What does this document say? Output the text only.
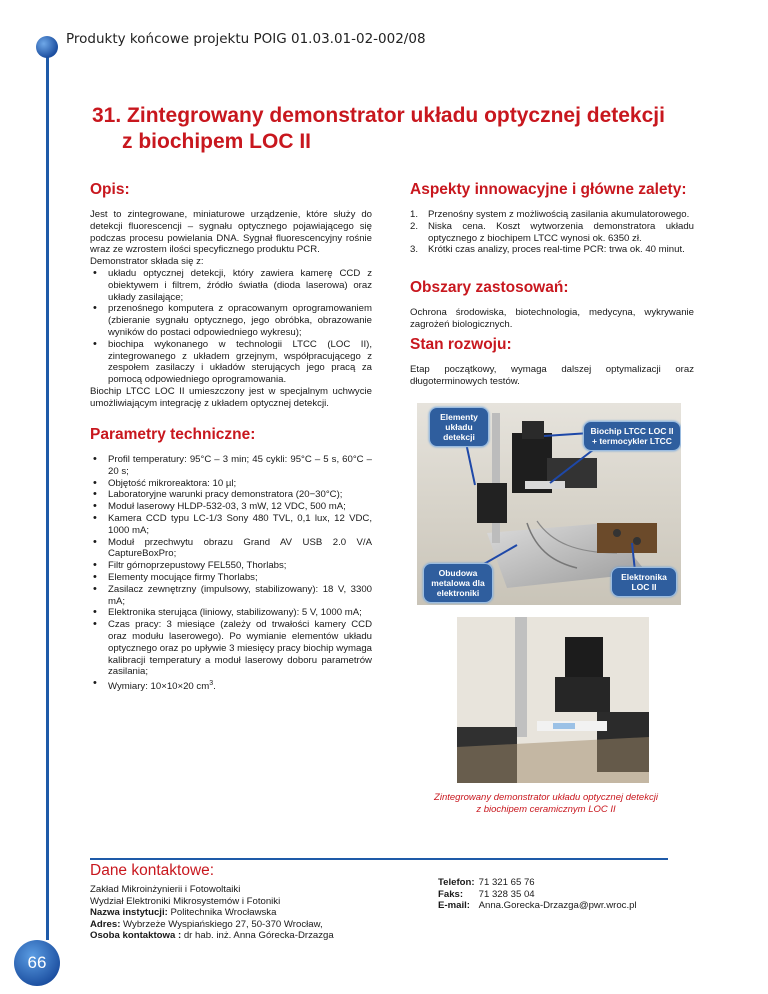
Produkty końcowe projektu POIG 01.03.01-02-002/08
31. Zintegrowany demonstrator układu optycznej detekcji
z biochipem LOC II
Opis:

Jest to zintegrowane, miniaturowe urządzenie, które służy do detekcji fluorescencji – sygnału optycznego pojawiającego się podczas procesu powielania DNA. Sygnał fluorescencyjny rośnie wraz ze wzrostem ilości specyficznego produktu PCR.

Demonstrator składa się z:

• układu optycznej detekcji, który zawiera kamerę CCD z obiektywem i filtrem, źródło światła (dioda laserowa) oraz układy zasilające;
• przenośnego komputera z opracowanym oprogramowaniem (zbieranie sygnału optycznego, jego obróbka, obrazowanie wyników do postaci odpowiedniego wykresu);
• biochipa wykonanego w technologii LTCC (LOC II), zintegrowanego z układem grzejnym, współpracującego z zespołem zasilaczy i układów sterujących jego pracą za pomocą odpowiedniego oprogramowania.

Biochip LTCC LOC II umieszczony jest w specjalnym uchwycie umożliwiającym integrację z układem optycznej detekcji.

Parametry techniczne:
• Profil temperatury: 95°C – 3 min; 45 cykli: 95°C – 5 s, 60°C – 20 s;
• Objętość mikroreaktora: 10 µl;
• Laboratoryjne warunki pracy demonstratora (20−30°C);
• Moduł laserowy HLDP-532-03, 3 mW, 12 VDC, 500 mA;
• Kamera CCD typu LC-1/3 Sony 480 TVL, 0,1 lux, 12 VDC, 1000 mA;
• Moduł przechwytu obrazu Grand AV USB 2.0 V/A CaptureBoxPro;
• Filtr górnoprzepustowy FEL550, Thorlabs;
• Elementy mocujące firmy Thorlabs;
• Zasilacz zewnętrzny (impulsowy, stabilizowany): 18 V, 3300 mA;
• Elektronika sterująca (liniowy, stabilizowany): 5 V, 1000 mA;
• Czas pracy: 3 miesiące (zależy od trwałości kamery CCD oraz modułu laserowego). Po wymianie elementów układu optycznego oraz po upływie 3 miesięcy pracy biochip wymaga kalibracji temperatury a moduł laserowy doboru parametrów zasilania;
• Wymiary: 10×10×20 $cm^3$.
Aspekty innowacyjne i główne zalety:
1. Przenośny system z możliwością zasilania akumulatorowego.
2. Niska cena. Koszt wytworzenia demonstratora układu optycznego z biochipem LTCC wynosi ok. 6350 zł.
3. Krótki czas analizy, proces real-time PCR: trwa ok. 40 minut.
Obszary zastosowań:

Ochrona środowiska, biotechnologia, medycyna, wykrywanie zagrożeń biologicznych.

Stan rozwoju:

Etap początkowy, wymaga dalszej optymalizacji oraz długoterminowych testów.

Elementy układu detekcji
Biochip LTCC LOC II + termocykler LTCC
Obudowa metalowa dla elektroniki
Elektronika LOC II
Zintegrowany demonstrator układu optycznej detekcji
z biochipem ceramicznym LOC II
Dane kontaktowe:
Zakład Mikroinżynierii i Fotowoltaiki
Wydział Elektroniki Mikrosystemów i Fotoniki
Nazwa instytucji: Politechnika Wrocławska
Adres: Wybrzeże Wyspiańskiego 27, 50-370 Wrocław,
Osoba kontaktowa : dr hab. inż. Anna Górecka-Drzazga
Telefon:	71 321 65 76
Faks:	71 328 35 04
E-mail:	Anna.Gorecka-Drzazga@pwr.wroc.pl
66
